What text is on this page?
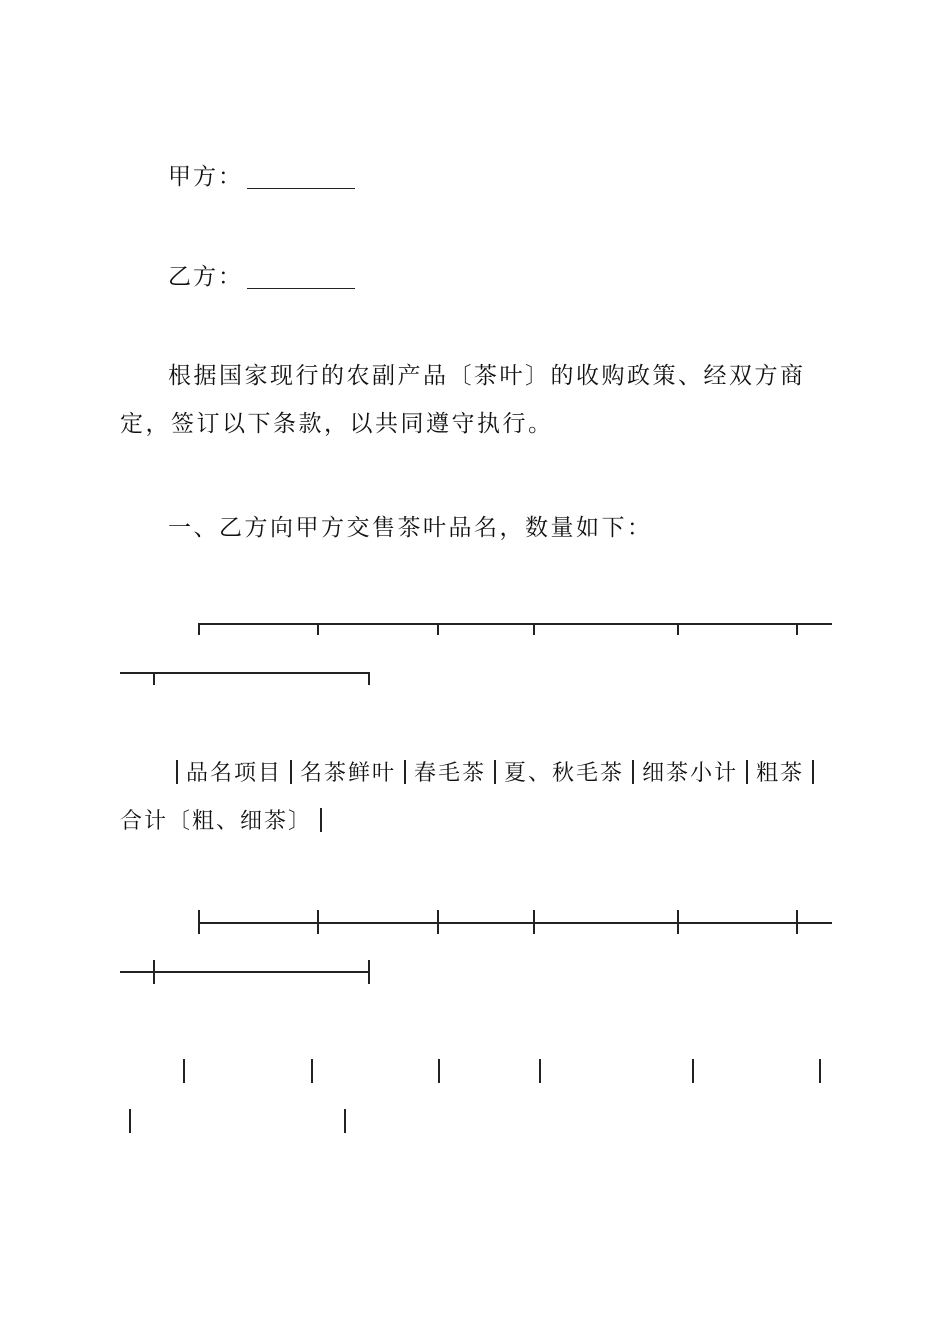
甲方：
乙方：
根据国家现行的农副产品〔茶叶〕的收购政策、经双方商定，签订以下条款，以共同遵守执行。
一、乙方向甲方交售茶叶品名，数量如下：
品名项目 名茶鲜叶 春毛茶 夏、秋毛茶 细茶小计 粗茶合计〔粗、细茶〕
